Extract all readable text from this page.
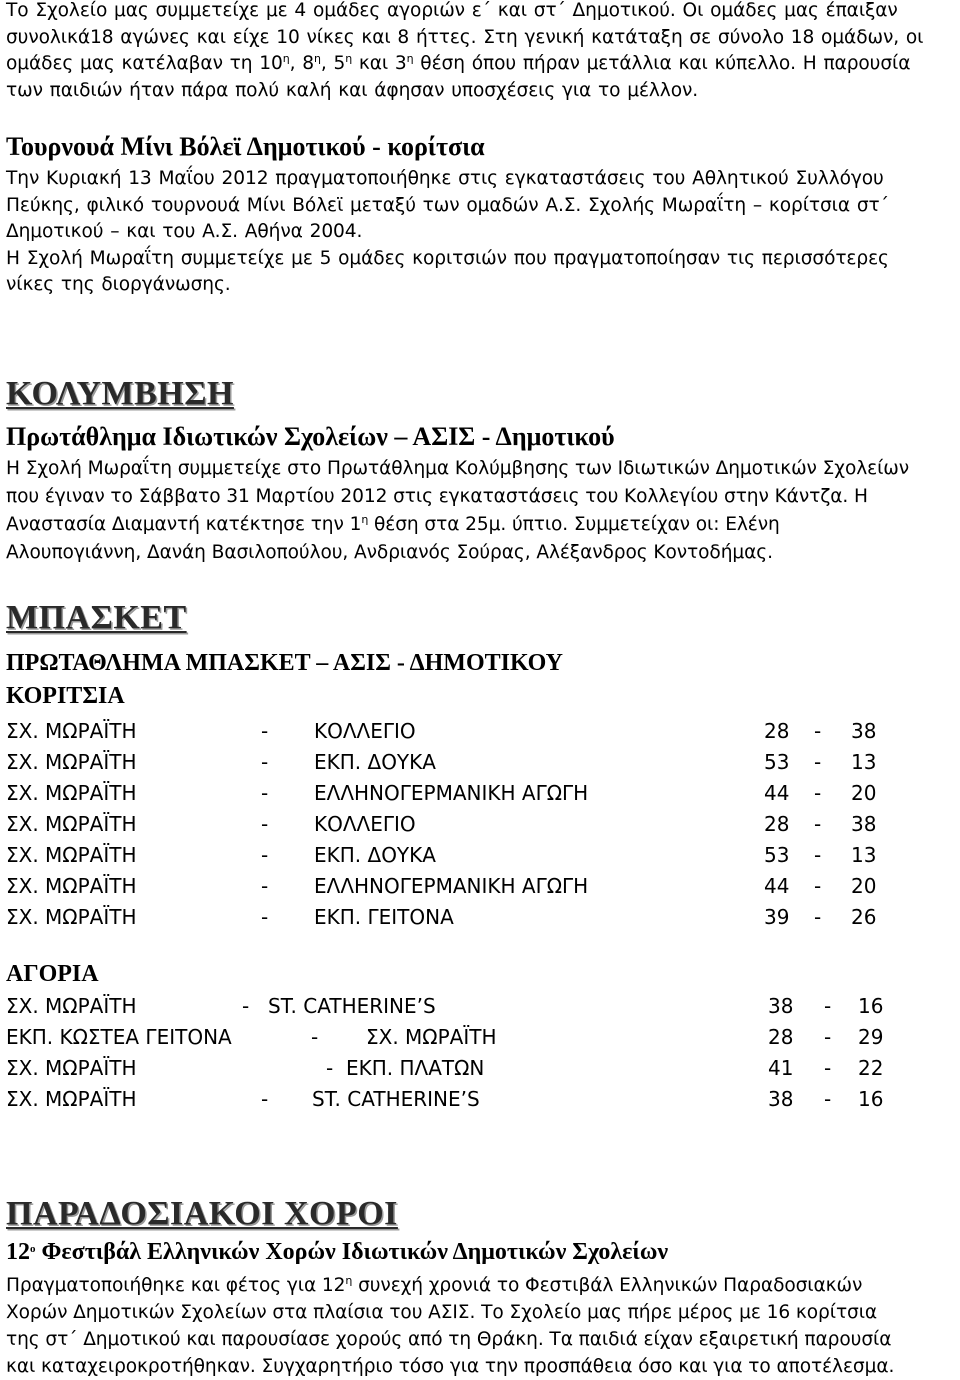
Το Σχολείο μας συμμετείχε με 4 ομάδες αγοριών ε΄ και στ΄ Δημοτικού. Οι ομάδες μας έπαιξαν

συνολικά18 αγώνες και είχε 10 νίκες και 8 ήττες. Στη γενική κατάταξη σε σύνολο 18 ομάδων, οι

ομάδες μας κατέλαβαν τη $10^\eta$, $8^\eta$, $5^\eta$ και $3^\eta$ θέση όπου πήραν μετάλλια και κύπελλο. Η παρουσία

των παιδιών ήταν πάρα πολύ καλή και άφησαν υποσχέσεις για το μέλλον.

Τουρνουά Μίνι Βόλεϊ Δημοτικού - κορίτσια

Την Κυριακή 13 Μαΐου 2012 πραγματοποιήθηκε στις εγκαταστάσεις του Αθλητικού Συλλόγου

Πεύκης, φιλικό τουρνουά Μίνι Βόλεϊ μεταξύ των ομαδών Α.Σ. Σχολής Μωραΐτη – κορίτσια στ΄

Δημοτικού – και του Α.Σ. Αθήνα 2004.

Η Σχολή Μωραΐτη συμμετείχε με 5 ομάδες κοριτσιών που πραγματοποίησαν τις περισσότερες

νίκες της διοργάνωσης.

ΚΟΛΥΜΒΗΣΗ
Πρωτάθλημα Ιδιωτικών Σχολείων – ΑΣΙΣ - Δημοτικού

Η Σχολή Μωραΐτη συμμετείχε στο Πρωτάθλημα Κολύμβησης των Ιδιωτικών Δημοτικών Σχολείων

που έγιναν το Σάββατο 31 Μαρτίου 2012 στις εγκαταστάσεις του Κολλεγίου στην Κάντζα. Η

Αναστασία Διαμαντή κατέκτησε την $1^\eta$ θέση στα 25μ. ύπτιο. Συμμετείχαν οι: Ελένη

Αλουπογιάννη, Δανάη Βασιλοπούλου, Ανδριανός Σούρας, Αλέξανδρος Κοντοδήμας.

ΜΠΑΣΚΕΤ
ΠΡΩΤΑΘΛΗΜΑ ΜΠΑΣΚΕΤ – ΑΣΙΣ - ΔΗΜΟΤΙΚΟΥ
ΚΟΡΙΤΣΙΑ
ΣΧ. ΜΩΡΑΪΤΗ	- ΚΟΛΛΕΓΙΟ	28 - 38
ΣΧ. ΜΩΡΑΪΤΗ	- ΕΚΠ. ΔΟΥΚΑ	53 - 13
ΣΧ. ΜΩΡΑΪΤΗ	- ΕΛΛΗΝΟΓΕΡΜΑΝΙΚΗ ΑΓΩΓΗ	44 - 20
ΣΧ. ΜΩΡΑΪΤΗ	- ΚΟΛΛΕΓΙΟ	28 - 38
ΣΧ. ΜΩΡΑΪΤΗ	- ΕΚΠ. ΔΟΥΚΑ	53 - 13
ΣΧ. ΜΩΡΑΪΤΗ	- ΕΛΛΗΝΟΓΕΡΜΑΝΙΚΗ ΑΓΩΓΗ	44 - 20
ΣΧ. ΜΩΡΑΪΤΗ	- ΕΚΠ. ΓΕΙΤΟΝΑ	39 - 26
ΑΓΟΡΙΑ
ΣΧ. ΜΩΡΑΪΤΗ	- ST. CATHERINE’S	38 - 16
ΕΚΠ. ΚΩΣΤΕΑ ΓΕΙΤΟΝΑ	- ΣΧ. ΜΩΡΑΪΤΗ	28 - 29
ΣΧ. ΜΩΡΑΪΤΗ	- ΕΚΠ. ΠΛΑΤΩΝ	41 - 22
ΣΧ. ΜΩΡΑΪΤΗ	- ST. CATHERINE’S	38 - 16
ΠΑΡΑΔΟΣΙΑΚΟΙ ΧΟΡΟΙ
$12^o$ Φεστιβάλ Ελληνικών Χορών Ιδιωτικών Δημοτικών Σχολείων

Πραγματοποιήθηκε και φέτος για $12^\eta$ συνεχή χρονιά το Φεστιβάλ Ελληνικών Παραδοσιακών

Χορών Δημοτικών Σχολείων στα πλαίσια του ΑΣΙΣ. Το Σχολείο μας πήρε μέρος με 16 κορίτσια

της στ΄ Δημοτικού και παρουσίασε χορούς από τη Θράκη. Τα παιδιά είχαν εξαιρετική παρουσία

και καταχειροκροτήθηκαν. Συγχαρητήριο τόσο για την προσπάθεια όσο και για το αποτέλεσμα.
